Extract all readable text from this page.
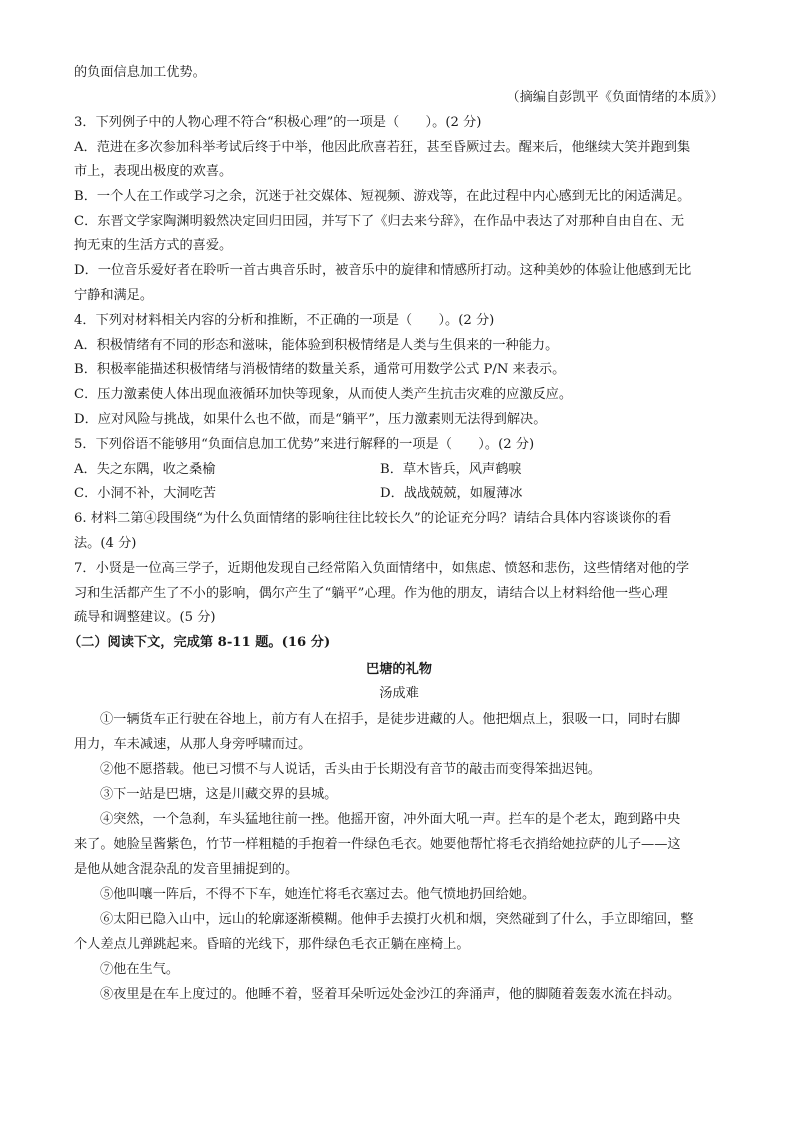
的负面信息加工优势。
（摘编自彭凯平《负面情绪的本质》）
3．下列例子中的人物心理不符合“积极心理”的一项是（　　）。(2 分)
A．范进在多次参加科举考试后终于中举，他因此欣喜若狂，甚至昏厥过去。醒来后，他继续大笑并跑到集
市上，表现出极度的欢喜。
B．一个人在工作或学习之余，沉迷于社交媒体、短视频、游戏等，在此过程中内心感到无比的闲适满足。
C．东晋文学家陶渊明毅然决定回归田园，并写下了《归去来兮辞》，在作品中表达了对那种自由自在、无
拘无束的生活方式的喜爱。
D．一位音乐爱好者在聆听一首古典音乐时，被音乐中的旋律和情感所打动。这种美妙的体验让他感到无比
宁静和满足。
4．下列对材料相关内容的分析和推断，不正确的一项是（　　）。(2 分)
A．积极情绪有不同的形态和滋味，能体验到积极情绪是人类与生俱来的一种能力。
B．积极率能描述积极情绪与消极情绪的数量关系，通常可用数学公式 P/N 来表示。
C．压力激素使人体出现血液循环加快等现象，从而使人类产生抗击灾难的应激反应。
D．应对风险与挑战，如果什么也不做，而是“躺平”，压力激素则无法得到解决。
5．下列俗语不能够用“负面信息加工优势”来进行解释的一项是（　　）。(2 分)
A．失之东隅，收之桑榆	B．草木皆兵，风声鹤唳
C．小洞不补，大洞吃苦	D．战战兢兢，如履薄冰
6. 材料二第④段围绕“为什么负面情绪的影响往往比较长久”的论证充分吗？请结合具体内容谈谈你的看
法。(4 分)
7．小贤是一位高三学子，近期他发现自己经常陷入负面情绪中，如焦虑、愤怒和悲伤，这些情绪对他的学
习和生活都产生了不小的影响，偶尔产生了“躺平”心理。作为他的朋友，请结合以上材料给他一些心理
疏导和调整建议。(5 分)
（二）阅读下文，完成第 8-11 题。(16 分)
巴塘的礼物
汤成难
①一辆货车正行驶在谷地上，前方有人在招手，是徒步进藏的人。他把烟点上，狠吸一口，同时右脚
用力，车未减速，从那人身旁呼啸而过。
②他不愿搭载。他已习惯不与人说话，舌头由于长期没有音节的敲击而变得笨拙迟钝。
③下一站是巴塘，这是川藏交界的县城。
④突然，一个急刹，车头猛地往前一挫。他摇开窗，冲外面大吼一声。拦车的是个老太，跑到路中央
来了。她脸呈酱紫色，竹节一样粗糙的手抱着一件绿色毛衣。她要他帮忙将毛衣捎给她拉萨的儿子——这
是他从她含混杂乱的发音里捕捉到的。
⑤他叫嚷一阵后，不得不下车，她连忙将毛衣塞过去。他气愤地扔回给她。
⑥太阳已隐入山中，远山的轮廓逐渐模糊。他伸手去摸打火机和烟，突然碰到了什么，手立即缩回，整
个人差点儿弹跳起来。昏暗的光线下，那件绿色毛衣正躺在座椅上。
⑦他在生气。
⑧夜里是在车上度过的。他睡不着，竖着耳朵听远处金沙江的奔涌声，他的脚随着轰轰水流在抖动。
